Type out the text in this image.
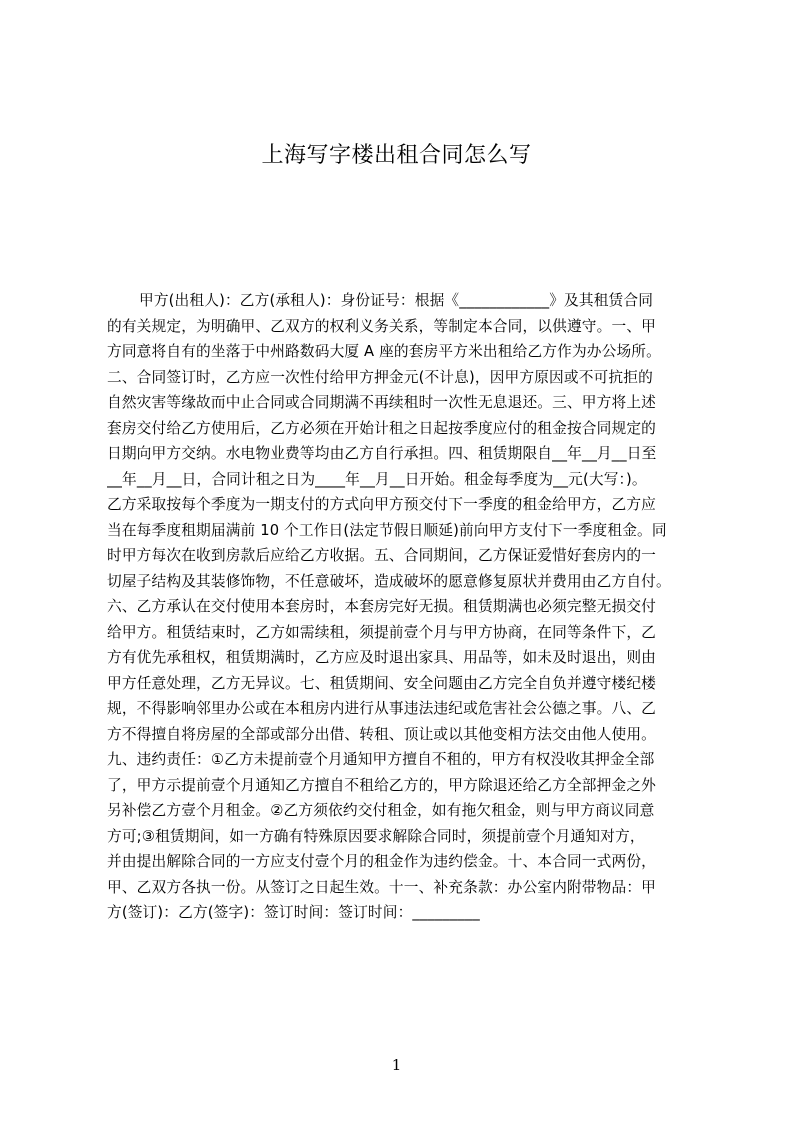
上海写字楼出租合同怎么写
甲方(出租人)：乙方(承租人)：身份证号：根据《____________》及其租赁合同
的有关规定，为明确甲、乙双方的权利义务关系，等制定本合同，以供遵守。一、甲
方同意将自有的坐落于中州路数码大厦 A 座的套房平方米出租给乙方作为办公场所。
二、合同签订时，乙方应一次性付给甲方押金元(不计息)，因甲方原因或不可抗拒的
自然灾害等缘故而中止合同或合同期满不再续租时一次性无息退还。三、甲方将上述
套房交付给乙方使用后，乙方必须在开始计租之日起按季度应付的租金按合同规定的
日期向甲方交纳。水电物业费等均由乙方自行承担。四、租赁期限自__年__月__日至
__年__月__日，合同计租之日为____年__月__日开始。租金每季度为__元(大写：)。
乙方采取按每个季度为一期支付的方式向甲方预交付下一季度的租金给甲方，乙方应
当在每季度租期届满前 10 个工作日(法定节假日顺延)前向甲方支付下一季度租金。同
时甲方每次在收到房款后应给乙方收据。五、合同期间，乙方保证爱惜好套房内的一
切屋子结构及其装修饰物，不任意破坏，造成破坏的愿意修复原状并费用由乙方自付。
六、乙方承认在交付使用本套房时，本套房完好无损。租赁期满也必须完整无损交付
给甲方。租赁结束时，乙方如需续租，须提前壹个月与甲方协商，在同等条件下，乙
方有优先承租权，租赁期满时，乙方应及时退出家具、用品等，如未及时退出，则由
甲方任意处理，乙方无异议。七、租赁期间、安全问题由乙方完全自负并遵守楼纪楼
规，不得影响邻里办公或在本租房内进行从事违法违纪或危害社会公德之事。八、乙
方不得擅自将房屋的全部或部分出借、转租、顶让或以其他变相方法交由他人使用。
九、违约责任：①乙方未提前壹个月通知甲方擅自不租的，甲方有权没收其押金全部
了，甲方示提前壹个月通知乙方擅自不租给乙方的，甲方除退还给乙方全部押金之外
另补偿乙方壹个月租金。②乙方须依约交付租金，如有拖欠租金，则与甲方商议同意
方可;③租赁期间，如一方确有特殊原因要求解除合同时，须提前壹个月通知对方，
并由提出解除合同的一方应支付壹个月的租金作为违约偿金。十、本合同一式两份，
甲、乙双方各执一份。从签订之日起生效。十一、补充条款：办公室内附带物品：甲
方(签订)：乙方(签字)：签订时间：签订时间：_________
1
